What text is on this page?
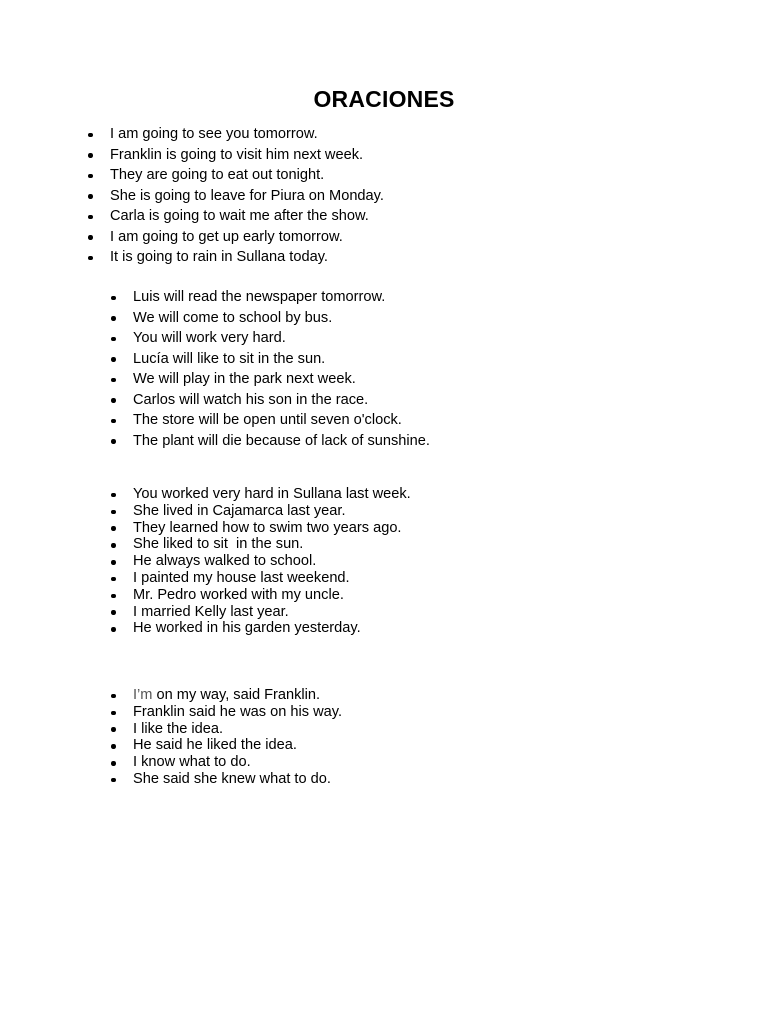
ORACIONES
I am going to see you tomorrow.
Franklin is going to visit him next week.
They are going to eat out tonight.
She is going to leave for Piura on Monday.
Carla is going to wait me after the show.
I am going to get up early tomorrow.
It is going to rain in Sullana today.
Luis will read the newspaper tomorrow.
We will come to school by bus.
You will work very hard.
Lucía will like to sit in the sun.
We will play in the park next week.
Carlos will watch his son in the race.
The store will be open until seven o'clock.
The plant will die because of lack of sunshine.
You worked very hard in Sullana last week.
She lived in Cajamarca last year.
They learned how to swim two years ago.
She liked to sit  in the sun.
He always walked to school.
I painted my house last weekend.
Mr. Pedro worked with my uncle.
I married Kelly last year.
He worked in his garden yesterday.
I’m on my way, said Franklin.
Franklin said he was on his way.
I like the idea.
He said he liked the idea.
I know what to do.
She said she knew what to do.
